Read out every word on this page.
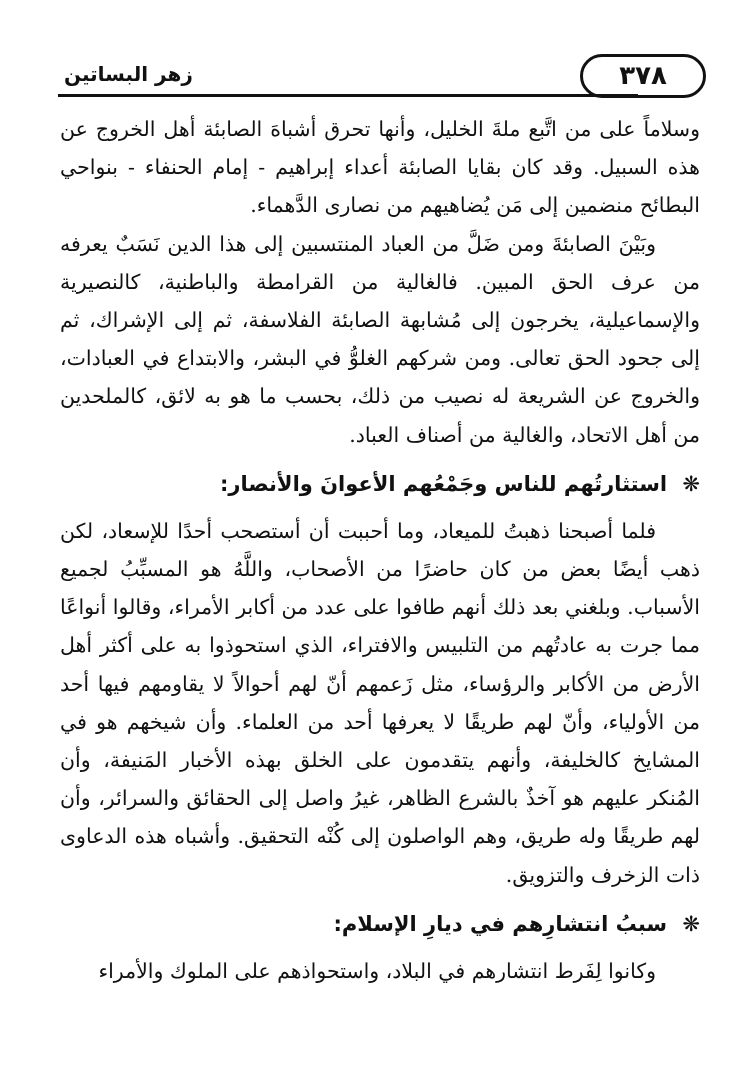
٣٧٨
زهر البساتين

وسلاماً على من اتَّبع ملةَ الخليل، وأنها تحرق أشباهَ الصابئة أهل الخروج عن هذه السبيل. وقد كان بقايا الصابئة أعداء إبراهيم - إمام الحنفاء - بنواحي البطائح منضمين إلى مَن يُضاهيهم من نصارى الدَّهماء.

وبَيْنَ الصابئةَ ومن ضَلَّ من العباد المنتسبين إلى هذا الدين نَسَبٌ يعرفه من عرف الحق المبين. فالغالية من القرامطة والباطنية، كالنصيرية والإسماعيلية، يخرجون إلى مُشابهة الصابئة الفلاسفة، ثم إلى الإشراك، ثم إلى جحود الحق تعالى. ومن شركهم الغلوُّ في البشر، والابتداع في العبادات، والخروج عن الشريعة له نصيب من ذلك، بحسب ما هو به لائق، كالملحدين من أهل الاتحاد، والغالية من أصناف العباد.

❋ استثارتُهم للناس وجَمْعُهم الأعوانَ والأنصار:

فلما أصبحنا ذهبتُ للميعاد، وما أحببت أن أستصحب أحدًا للإسعاد، لكن ذهب أيضًا بعض من كان حاضرًا من الأصحاب، واللَّهُ هو المسبِّبُ لجميع الأسباب. وبلغني بعد ذلك أنهم طافوا على عدد من أكابر الأمراء، وقالوا أنواعًا مما جرت به عادتُهم من التلبيس والافتراء، الذي استحوذوا به على أكثر أهل الأرض من الأكابر والرؤساء، مثل زَعمهم أنّ لهم أحوالاً لا يقاومهم فيها أحد من الأولياء، وأنّ لهم طريقًا لا يعرفها أحد من العلماء. وأن شيخهم هو في المشايخ كالخليفة، وأنهم يتقدمون على الخلق بهذه الأخبار المَنيفة، وأن المُنكر عليهم هو آخذٌ بالشرع الظاهر، غيرُ واصل إلى الحقائق والسرائر، وأن لهم طريقًا وله طريق، وهم الواصلون إلى كُنْه التحقيق. وأشباه هذه الدعاوى ذات الزخرف والتزويق.

❋ سببُ انتشارِهم في ديارِ الإسلام:

وكانوا لِفَرط انتشارهم في البلاد، واستحواذهم على الملوك والأمراء
